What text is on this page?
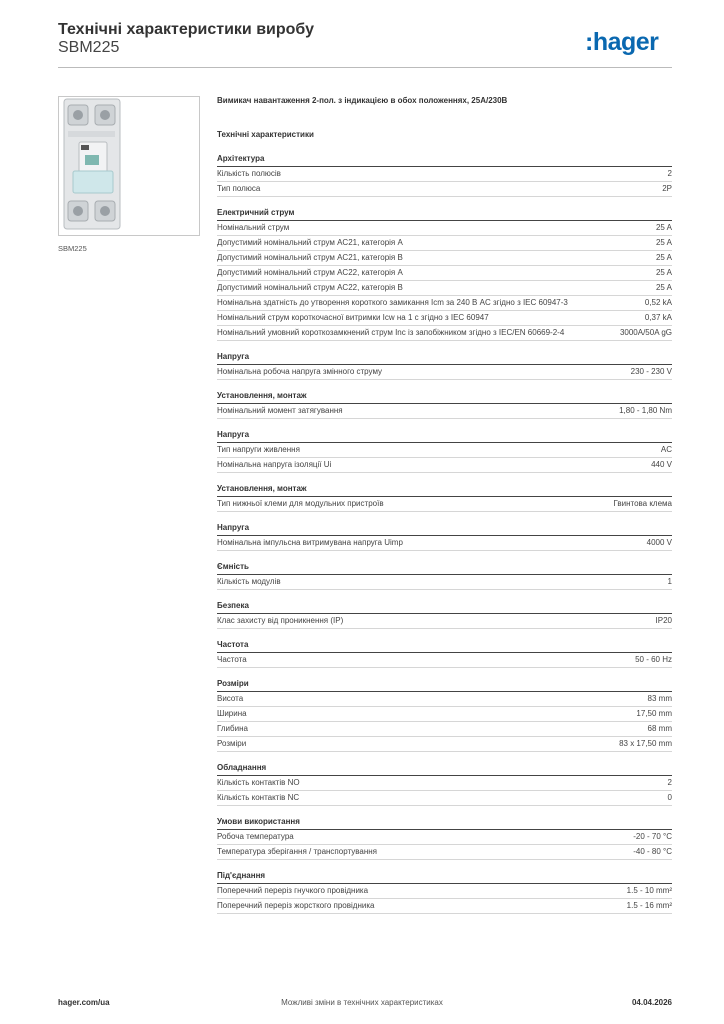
Технічні характеристики виробу
SBM225	:hager
SBM225
Вимикач навантаження 2-пол. з індикацією в обох положеннях, 25A/230В
Технічні характеристики
Архітектура
Кількість полюсів	2
Тип полюса	2P
Електричний струм
Номінальний струм	25 A
Допустимий номінальний струм AC21, категорія A	25 A
Допустимий номінальний струм AC21, категорія B	25 A
Допустимий номінальний струм AC22, категорія A	25 A
Допустимий номінальний струм AC22, категорія B	25 A
Номінальна здатність до утворення короткого замикання Icm за 240 В AC згідно з IEC 60947-3	0,52 kA
Номінальний струм короткочасної витримки Icw на 1 с згідно з IEC 60947	0,37 kA
Номінальний умовний короткозамкнений струм Inc із запобіжником згідно з IEC/EN 60669-2-4	3000A/50A gG
Напруга
Номінальна робоча напруга змінного струму	230 - 230 V
Установлення, монтаж
Номінальний момент затягування	1,80 - 1,80 Nm
Напруга
Тип напруги живлення	AC
Номінальна напруга ізоляції Ui	440 V
Установлення, монтаж
Тип нижньої клеми для модульних пристроїв	Гвинтова клема
Напруга
Номінальна імпульсна витримувана напруга Uimp	4000 V
Ємність
Кількість модулів	1
Безпека
Клас захисту від проникнення (IP)	IP20
Частота
Частота	50 - 60 Hz
Розміри
Висота	83 mm
Ширина	17,50 mm
Глибина	68 mm
Розміри	83 x 17,50 mm
Обладнання
Кількість контактів NO	2
Кількість контактів NC	0
Умови використання
Робоча температура	-20 - 70 °C
Температура зберігання / транспортування	-40 - 80 °C
Під'єднання
Поперечний переріз гнучкого провідника	1.5 - 10 mm²
Поперечний переріз жорсткого провідника	1.5 - 16 mm²
hager.com/ua	Можливі зміни в технічних характеристиках	04.04.2026
